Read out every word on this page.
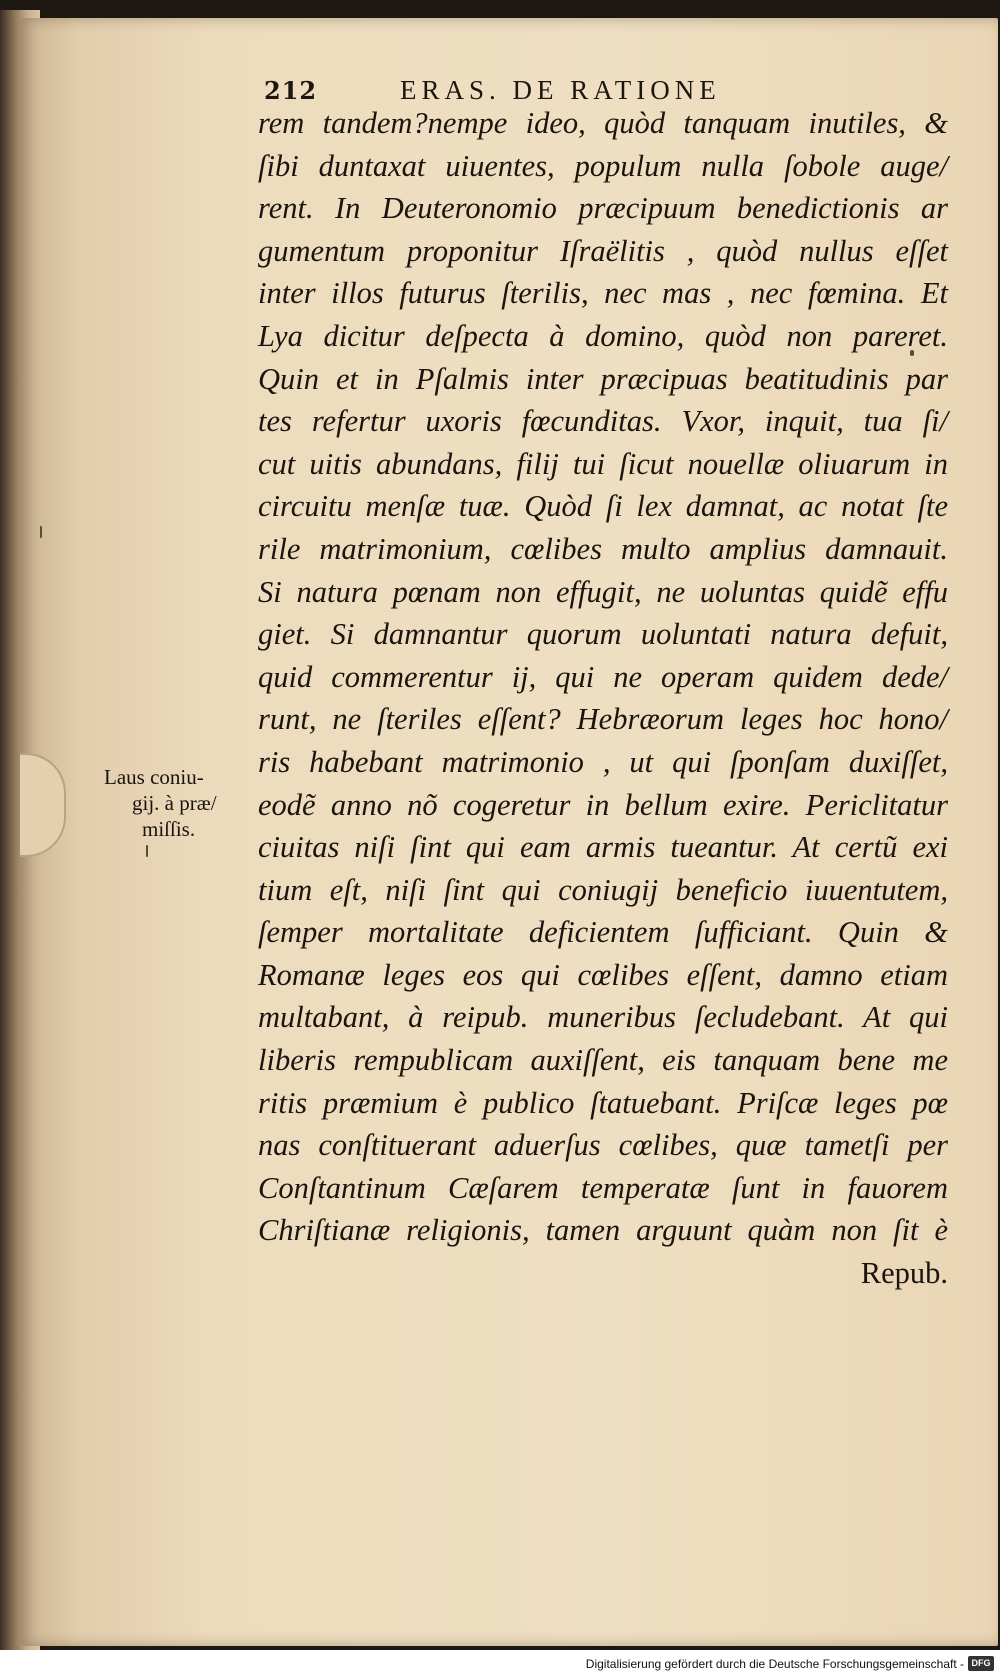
212	ERAS. DE RATIONE
rem tandem?nempe ideo, quòd tanquam inutiles, &
ſibi duntaxat uiuentes, populum nulla ſobole auge/
rent. In Deuteronomio præcipuum benedictionis ar
gumentum proponitur Iſraëlitis , quòd nullus eſſet
inter illos futurus ſterilis, nec mas , nec fœmina. Et
Lya dicitur deſpecta à domino, quòd non pareret.
Quin et in Pſalmis inter præcipuas beatitudinis par
tes refertur uxoris fœcunditas. Vxor, inquit, tua ſi/
cut uitis abundans, filij tui ſicut nouellæ oliuarum in
circuitu menſæ tuæ. Quòd ſi lex damnat, ac notat ſte
rile matrimonium, cœlibes multo amplius damnauit.
Si natura pœnam non effugit, ne uoluntas quidẽ effu
giet. Si damnantur quorum uoluntati natura defuit,
quid commerentur ij, qui ne operam quidem dede/
runt, ne ſteriles eſſent? Hebræorum leges hoc hono/
ris habebant matrimonio , ut qui ſponſam duxiſſet,
eodẽ anno nõ cogeretur in bellum exire. Periclitatur
ciuitas niſi ſint qui eam armis tueantur. At certũ exi
tium eſt, niſi ſint qui coniugij beneficio iuuentutem,
ſemper mortalitate deficientem ſufficiant. Quin &
Romanæ leges eos qui cœlibes eſſent, damno etiam
multabant, à reipub. muneribus ſecludebant. At qui
liberis rempublicam auxiſſent, eis tanquam bene me
ritis præmium è publico ſtatuebant. Priſcæ leges pœ
nas conſtituerant aduerſus cœlibes, quæ tametſi per
Conſtantinum Cæſarem temperatæ ſunt in fauorem
Chriſtianæ religionis, tamen arguunt quàm non ſit è
Repub.
Laus coniu-
gij. à præ/
miſſis.
Digitalisierung gefördert durch die Deutsche Forschungsgemeinschaft - DFG
